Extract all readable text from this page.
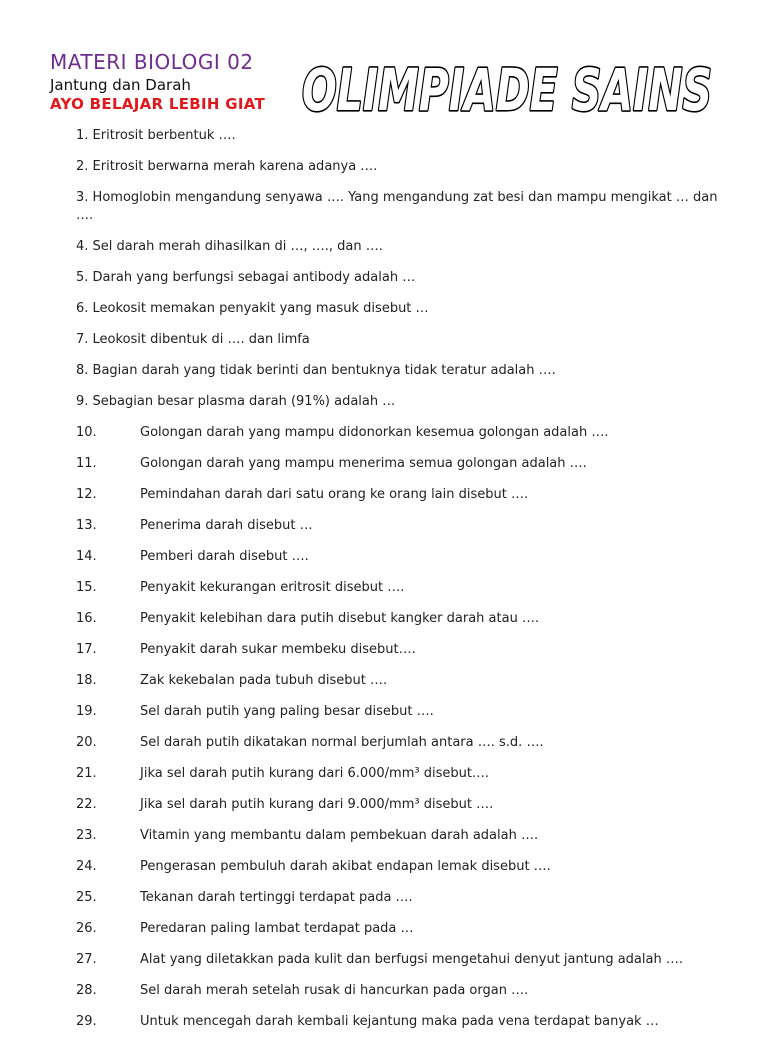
MATERI BIOLOGI 02
Jantung dan Darah
AYO BELAJAR LEBIH GIAT OLIMPIADE SAINS
1. Eritrosit berbentuk ….
2. Eritrosit berwarna merah karena adanya ….
3. Homoglobin mengandung senyawa …. Yang mengandung zat besi dan mampu mengikat … dan ….
4. Sel darah merah dihasilkan di …, …., dan ….
5. Darah yang berfungsi sebagai antibody adalah …
6. Leokosit memakan penyakit yang masuk disebut …
7. Leokosit dibentuk di …. dan limfa
8. Bagian darah yang tidak berinti dan bentuknya tidak teratur adalah ….
9. Sebagian besar plasma darah (91%) adalah …
10.	Golongan darah yang mampu didonorkan kesemua golongan adalah ….
11.	Golongan darah yang mampu menerima semua golongan adalah ….
12.	Pemindahan darah dari satu orang ke orang lain disebut ….
13.	Penerima darah disebut …
14.	Pemberi darah disebut ….
15.	Penyakit kekurangan eritrosit disebut ….
16.	Penyakit kelebihan dara putih disebut kangker darah atau ….
17.	Penyakit darah sukar membeku disebut….
18.	Zak kekebalan pada tubuh disebut ….
19.	Sel darah putih yang paling besar disebut ….
20.	Sel darah putih dikatakan normal berjumlah antara …. s.d. ….
21.	Jika sel darah putih kurang dari 6.000/mm³ disebut….
22.	Jika sel darah putih kurang dari 9.000/mm³ disebut ….
23.	Vitamin yang membantu dalam pembekuan darah adalah ….
24.	Pengerasan pembuluh darah akibat endapan lemak disebut ….
25.	Tekanan darah tertinggi terdapat pada ….
26.	Peredaran paling lambat terdapat pada …
27.	Alat yang diletakkan pada kulit dan berfugsi mengetahui denyut jantung adalah ….
28.	Sel darah merah setelah rusak di hancurkan pada organ ….
29.	Untuk mencegah darah kembali kejantung maka pada vena terdapat banyak …
